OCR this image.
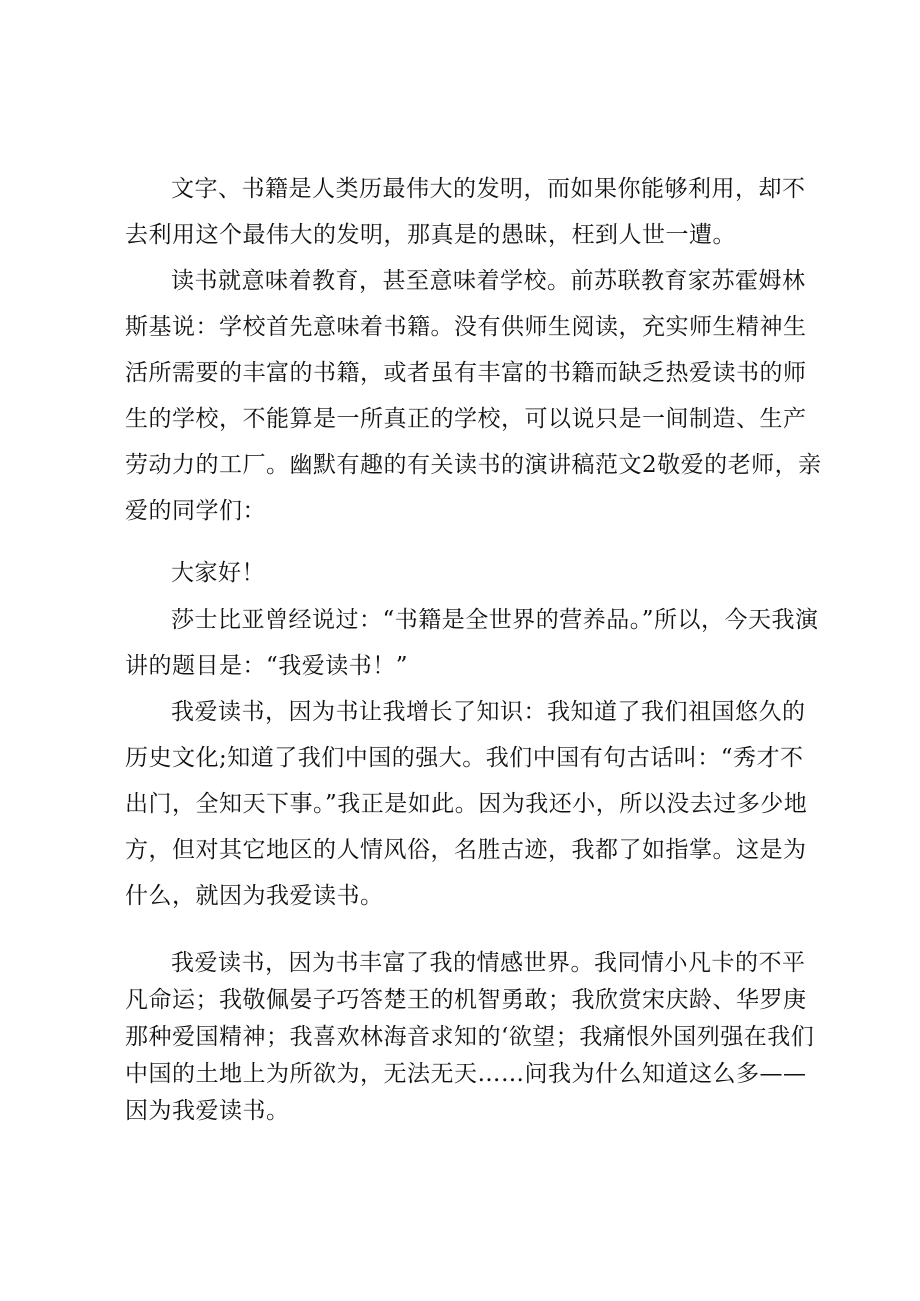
文字、书籍是人类历最伟大的发明，而如果你能够利用，却不去利用这个最伟大的发明，那真是的愚昧，枉到人世一遭。

读书就意味着教育，甚至意味着学校。前苏联教育家苏霍姆林斯基说：学校首先意味着书籍。没有供师生阅读，充实师生精神生活所需要的丰富的书籍，或者虽有丰富的书籍而缺乏热爱读书的师生的学校，不能算是一所真正的学校，可以说只是一间制造、生产劳动力的工厂。幽默有趣的有关读书的演讲稿范文2敬爱的老师，亲爱的同学们：

大家好！

莎士比亚曾经说过：“书籍是全世界的营养品。”所以，今天我演讲的题目是：“我爱读书！”

我爱读书，因为书让我增长了知识：我知道了我们祖国悠久的历史文化;知道了我们中国的强大。我们中国有句古话叫：“秀才不出门，全知天下事。”我正是如此。因为我还小，所以没去过多少地方，但对其它地区的人情风俗，名胜古迹，我都了如指掌。这是为什么，就因为我爱读书。

我爱读书，因为书丰富了我的情感世界。我同情小凡卡的不平凡命运；我敬佩晏子巧答楚王的机智勇敢；我欣赏宋庆龄、华罗庚那种爱国精神；我喜欢林海音求知的‘欲望；我痛恨外国列强在我们中国的土地上为所欲为，无法无天……问我为什么知道这么多——因为我爱读书。
